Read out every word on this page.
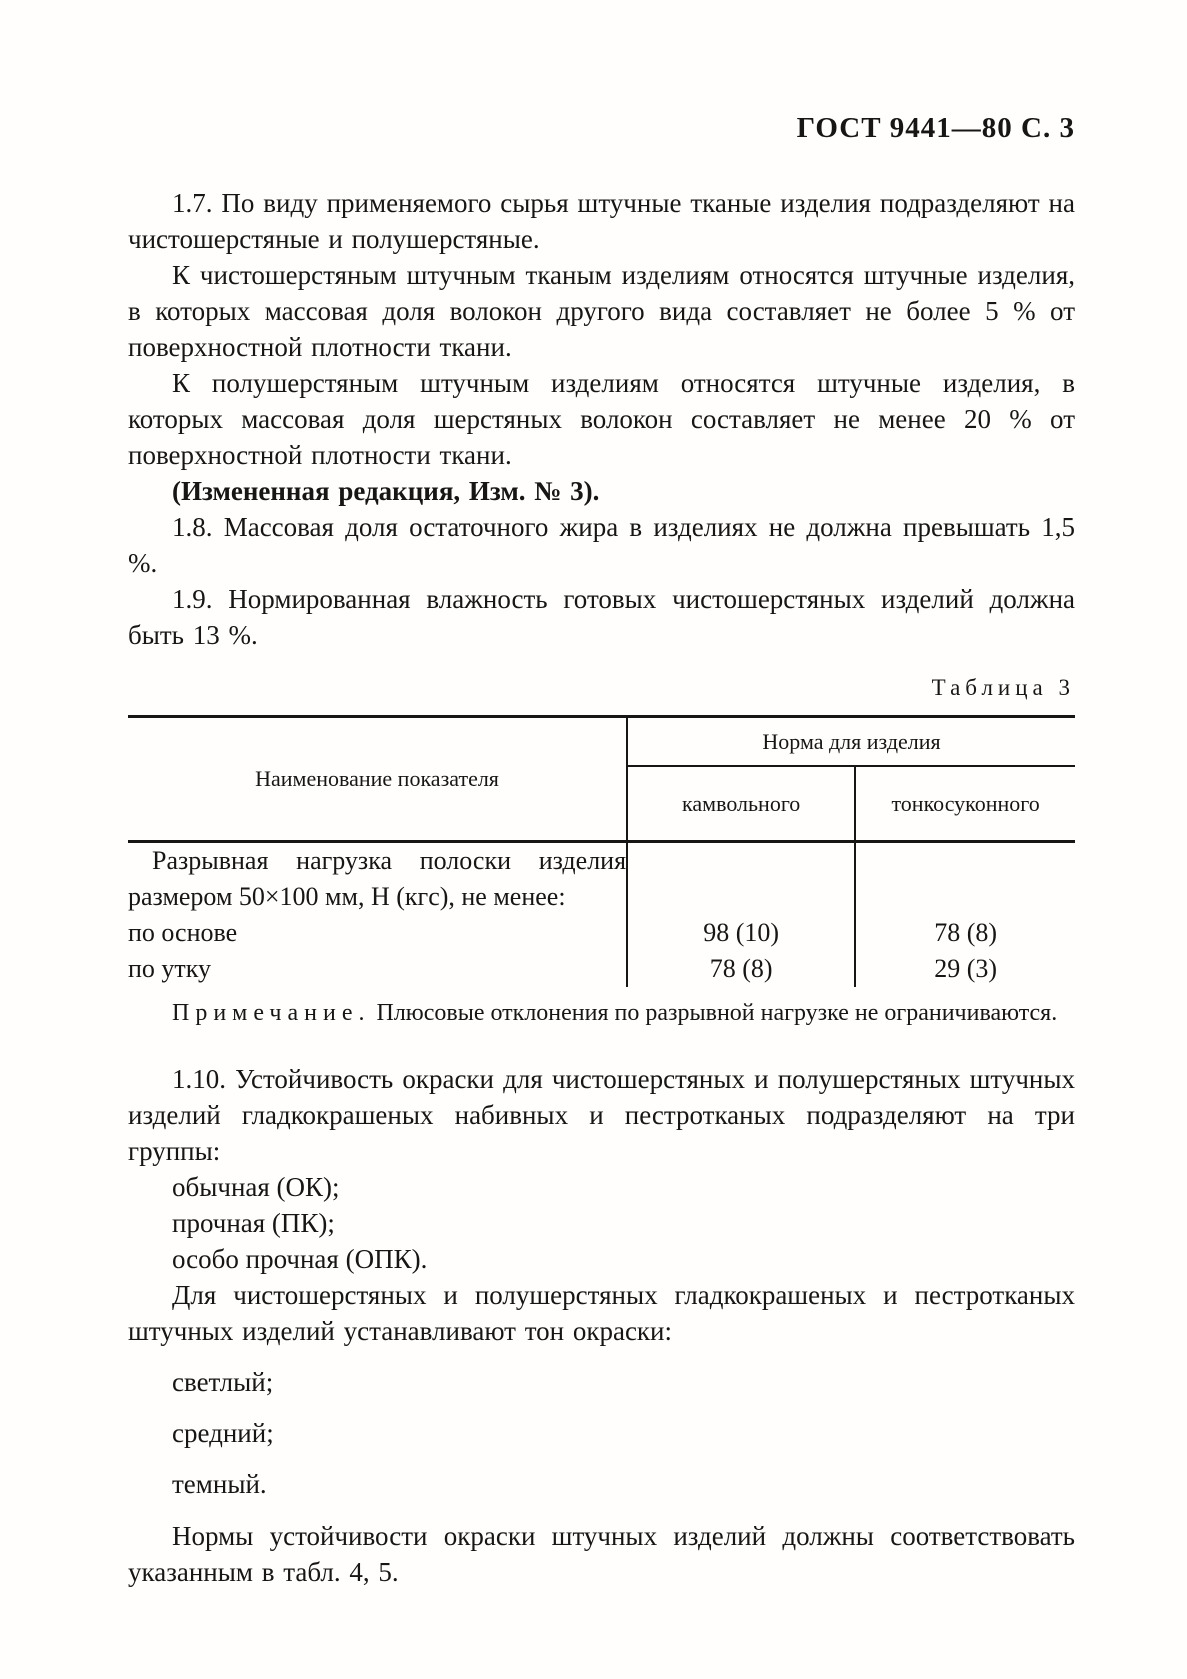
ГОСТ 9441—80 С. 3

1.7. По виду применяемого сырья штучные тканые изделия подразделяют на чистошерстяные и полушерстяные.

К чистошерстяным штучным тканым изделиям относятся штучные изделия, в которых массовая доля волокон другого вида составляет не более 5 % от поверхностной плотности ткани.

К полушерстяным штучным изделиям относятся штучные изделия, в которых массовая доля шерстяных волокон составляет не менее 20 % от поверхностной плотности ткани.

(Измененная редакция, Изм. № 3).

1.8. Массовая доля остаточного жира в изделиях не должна превышать 1,5 %.

1.9. Нормированная влажность готовых чистошерстяных изделий должна быть 13 %.

Таблица 3
Наименование показателя	Норма для изделия	
	камвольного	тонкосуконного
Разрывная нагрузка полоски изделия размером 50×100 мм, Н (кгс), не менее:		
по основе	98 (10)	78 (8)
по утку	78 (8)	29 (3)

Примечание. Плюсовые отклонения по разрывной нагрузке не ограничиваются.

1.10. Устойчивость окраски для чистошерстяных и полушерстяных штучных изделий гладкокрашеных набивных и пестротканых подразделяют на три группы:

обычная (ОК);

прочная (ПК);

особо прочная (ОПК).

Для чистошерстяных и полушерстяных гладкокрашеных и пестротканых штучных изделий устанавливают тон окраски:

светлый;

средний;

темный.

Нормы устойчивости окраски штучных изделий должны соответствовать указанным в табл. 4, 5.
